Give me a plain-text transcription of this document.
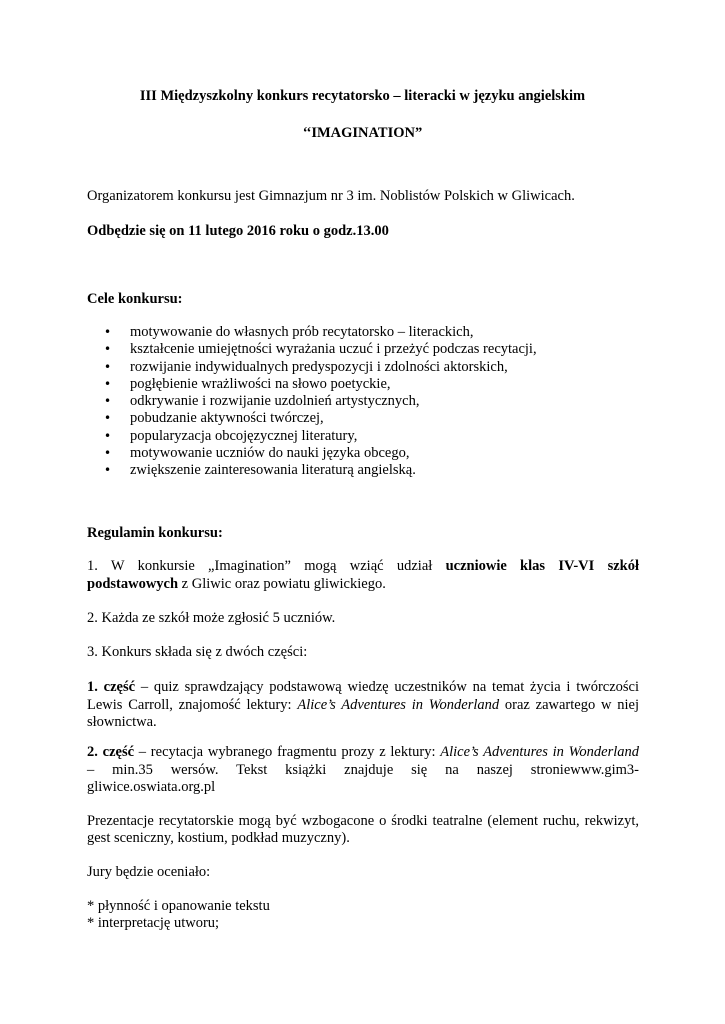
III Międzyszkolny konkurs recytatorsko – literacki w języku angielskim
‘‘IMAGINATION”
Organizatorem konkursu jest Gimnazjum nr 3 im. Noblistów Polskich w Gliwicach.
Odbędzie się on 11 lutego 2016 roku o godz.13.00
Cele konkursu:
• motywowanie do własnych prób recytatorsko – literackich,
• kształcenie umiejętności wyrażania uczuć i przeżyć podczas recytacji,
• rozwijanie indywidualnych predyspozycji i zdolności aktorskich,
• pogłębienie wrażliwości na słowo poetyckie,
• odkrywanie i rozwijanie uzdolnień artystycznych,
• pobudzanie aktywności twórczej,
• popularyzacja obcojęzycznej literatury,
• motywowanie uczniów do nauki języka obcego,
• zwiększenie zainteresowania literaturą angielską.
Regulamin konkursu:
1. W konkursie „Imagination” mogą wziąć udział uczniowie klas IV-VI szkół
podstawowych z Gliwic oraz powiatu gliwickiego.
2. Każda ze szkół może zgłosić 5 uczniów.
3. Konkurs składa się z dwóch części:
1. część – quiz sprawdzający podstawową wiedzę uczestników na temat życia i twórczości
Lewis Carroll, znajomość lektury: Alice’s Adventures in Wonderland oraz zawartego w niej
słownictwa.
2. część – recytacja wybranego fragmentu prozy z lektury: Alice’s Adventures in Wonderland
– min.35 wersów. Tekst książki znajduje się na naszej stroniewww.gim3-
gliwice.oswiata.org.pl
Prezentacje recytatorskie mogą być wzbogacone o środki teatralne (element ruchu, rekwizyt,
gest sceniczny, kostium, podkład muzyczny).
Jury będzie oceniało:
* płynność i opanowanie tekstu
* interpretację utworu;
